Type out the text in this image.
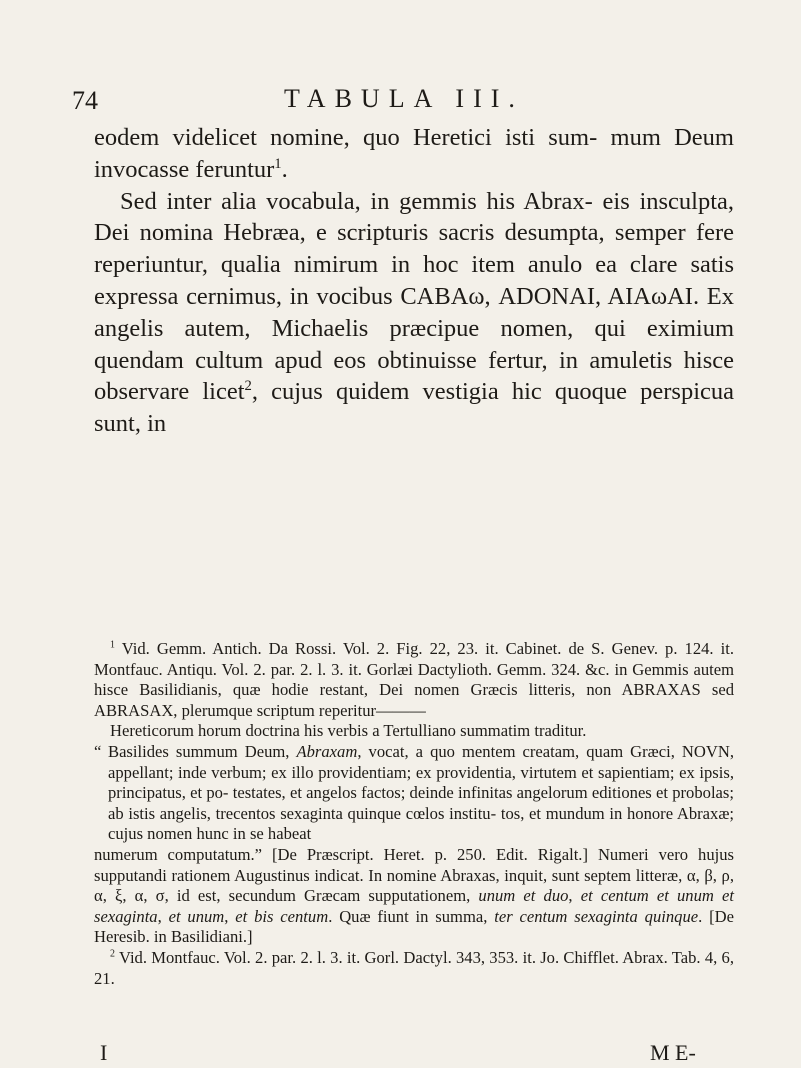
74	TABULA III.

eodem videlicet nomine, quo Heretici isti sum- mum Deum invocasse feruntur$^1$.

Sed inter alia vocabula, in gemmis his Abrax- eis insculpta, Dei nomina Hebræa, e scripturis sacris desumpta, semper fere reperiuntur, qualia nimirum in hoc item anulo ea clare satis expressa cernimus, in vocibus CABAω, ADONAI, AIAωAI. Ex angelis autem, Michaelis præcipue nomen, qui eximium quendam cultum apud eos obtinuisse fertur, in amuletis hisce observare licet$^2$, cujus quidem vestigia hic quoque perspicua sunt, in

$^1$ Vid. Gemm. Antich. Da Rossi. Vol. 2. Fig. 22, 23. it. Cabinet. de S. Genev. p. 124. it. Montfauc. Antiqu. Vol. 2. par. 2. l. 3. it. Gorlæi Dactylioth. Gemm. 324. &c. in Gemmis autem hisce Basilidianis, quæ hodie restant, Dei nomen Græcis litteris, non ABRAXAS sed ABRASAX, plerumque scriptum reperitur———

Hereticorum horum doctrina his verbis a Tertulliano summatim traditur.

“ Basilides summum Deum, Abraxam, vocat, a quo mentem creatam, quam Græci, NOVN, appellant; inde verbum; ex illo providentiam; ex providentia, virtutem et sapientiam; ex ipsis, principatus, et po- testates, et angelos factos; deinde infinitas angelorum editiones et probolas; ab istis angelis, trecentos sexaginta quinque cœlos institu- tos, et mundum in honore Abraxæ; cujus nomen hunc in se habeat

numerum computatum.” [De Præscript. Heret. p. 250. Edit. Rigalt.] Numeri vero hujus supputandi rationem Augustinus indicat. In nomine Abraxas, inquit, sunt septem litteræ, α, β, ρ, α, ξ, α, σ, id est, secundum Græcam supputationem, unum et duo, et centum et unum et sexaginta, et unum, et bis centum. Quæ fiunt in summa, ter centum sexaginta quinque. [De Heresib. in Basilidiani.]

$^2$ Vid. Montfauc. Vol. 2. par. 2. l. 3. it. Gorl. Dactyl. 343, 353. it. Jo. Chifflet. Abrax. Tab. 4, 6, 21.

I	M E-
